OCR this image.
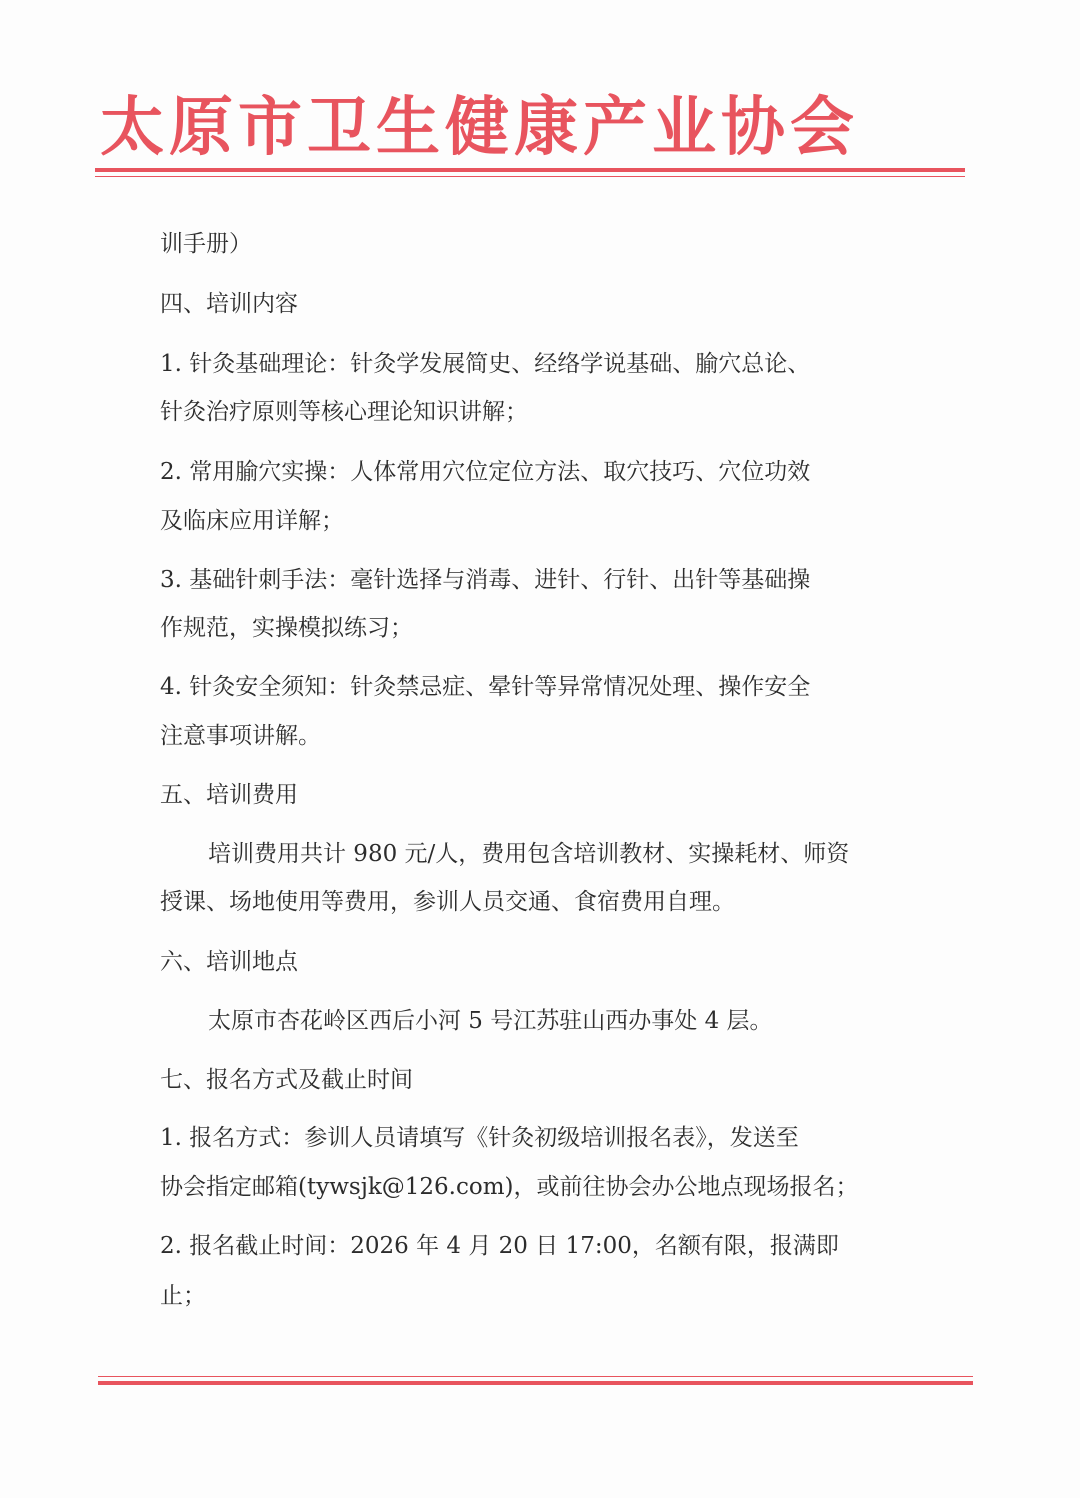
太原市卫生健康产业协会
训手册）
四、培训内容
1. 针灸基础理论：针灸学发展简史、经络学说基础、腧穴总论、
针灸治疗原则等核心理论知识讲解；
2. 常用腧穴实操：人体常用穴位定位方法、取穴技巧、穴位功效
及临床应用详解；
3. 基础针刺手法：毫针选择与消毒、进针、行针、出针等基础操
作规范，实操模拟练习；
4. 针灸安全须知：针灸禁忌症、晕针等异常情况处理、操作安全
注意事项讲解。
五、培训费用
培训费用共计 980 元/人，费用包含培训教材、实操耗材、师资
授课、场地使用等费用，参训人员交通、食宿费用自理。
六、培训地点
太原市杏花岭区西后小河 5 号江苏驻山西办事处 4 层。
七、报名方式及截止时间
1. 报名方式：参训人员请填写《针灸初级培训报名表》，发送至
协会指定邮箱(tywsjk@126.com)，或前往协会办公地点现场报名；
2. 报名截止时间：2026 年 4 月 20 日 17:00，名额有限，报满即
止；
